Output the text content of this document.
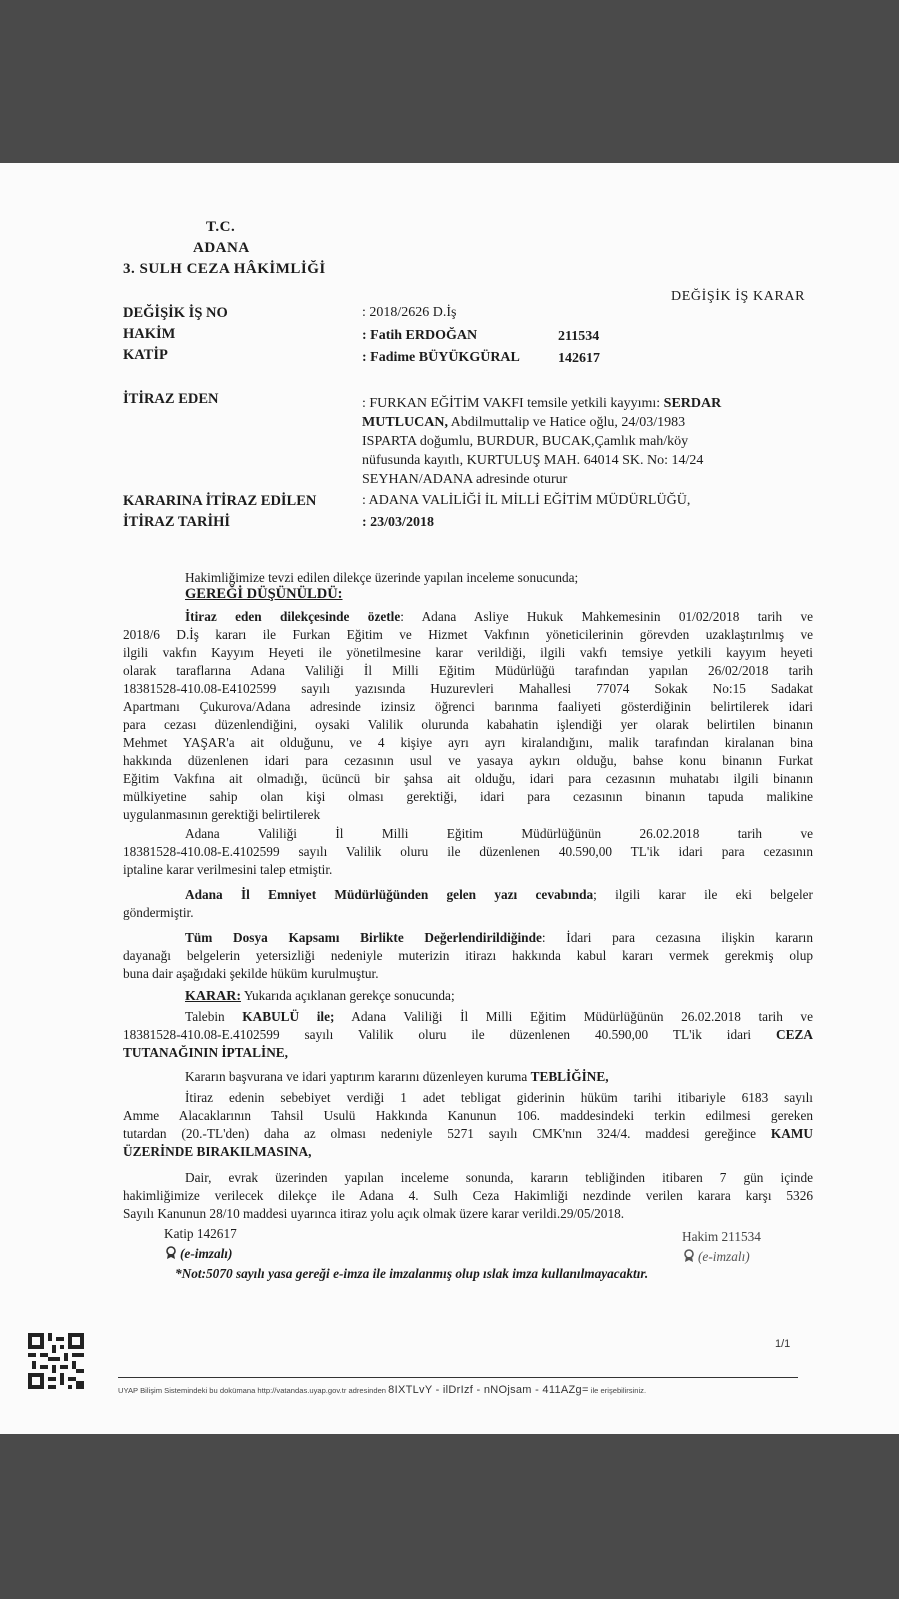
T.C.
ADANA
3. SULH CEZA HÂKİMLİĞİ
DEĞİŞİK İŞ KARAR
DEĞİŞİK İŞ NO	: 2018/2626 D.İş
HAKİM	: Fatih ERDOĞAN	211534
KATİP	: Fadime BÜYÜKGÜRAL	142617
İTİRAZ EDEN	: FURKAN EĞİTİM VAKFI temsile yetkili kayyımı: SERDAR
MUTLUCAN, Abdilmuttalip ve Hatice oğlu, 24/03/1983
ISPARTA doğumlu, BURDUR, BUCAK,Çamlık mah/köy
nüfusunda kayıtlı, KURTULUŞ MAH. 64014 SK. No: 14/24
SEYHAN/ADANA adresinde oturur
KARARINA İTİRAZ EDİLEN	: ADANA VALİLİĞİ İL MİLLİ EĞİTİM MÜDÜRLÜĞÜ,
İTİRAZ TARİHİ	: 23/03/2018
Hakimliğimize tevzi edilen dilekçe üzerinde yapılan inceleme sonucunda;
GEREĞİ DÜŞÜNÜLDÜ:
İtiraz eden dilekçesinde özetle: Adana Asliye Hukuk Mahkemesinin 01/02/2018 tarih ve
2018/6 D.İş kararı ile Furkan Eğitim ve Hizmet Vakfının yöneticilerinin görevden uzaklaştırılmış ve
ilgili vakfın Kayyım Heyeti ile yönetilmesine karar verildiği, ilgili vakfı temsiye yetkili kayyım heyeti
olarak taraflarına Adana Valiliği İl Milli Eğitim Müdürlüğü tarafından yapılan 26/02/2018 tarih
18381528-410.08-E4102599 sayılı yazısında Huzurevleri Mahallesi 77074 Sokak No:15 Sadakat
Apartmanı Çukurova/Adana adresinde izinsiz öğrenci barınma faaliyeti gösterdiğinin belirtilerek idari
para cezası düzenlendiğini, oysaki Valilik olurunda kabahatin işlendiği yer olarak belirtilen binanın
Mehmet YAŞAR'a ait olduğunu, ve 4 kişiye ayrı ayrı kiralandığını, malik tarafından kiralanan bina
hakkında düzenlenen idari para cezasının usul ve yasaya aykırı olduğu, bahse konu binanın Furkat
Eğitim Vakfına ait olmadığı, ücüncü bir şahsa ait olduğu, idari para cezasının muhatabı ilgili binanın
mülkiyetine sahip olan kişi olması gerektiği, idari para cezasının binanın tapuda malikine
uygulanmasının gerektiği belirtilerek
Adana Valiliği İl Milli Eğitim Müdürlüğünün 26.02.2018 tarih ve
18381528-410.08-E.4102599 sayılı Valilik oluru ile düzenlenen 40.590,00 TL'ik idari para cezasının
iptaline karar verilmesini talep etmiştir.
Adana İl Emniyet Müdürlüğünden gelen yazı cevabında; ilgili karar ile eki belgeler
göndermiştir.
Tüm Dosya Kapsamı Birlikte Değerlendirildiğinde: İdari para cezasına ilişkin kararın
dayanağı belgelerin yetersizliği nedeniyle muterizin itirazı hakkında kabul kararı vermek gerekmiş olup
buna dair aşağıdaki şekilde hüküm kurulmuştur.
KARAR: Yukarıda açıklanan gerekçe sonucunda;
Talebin KABULÜ ile; Adana Valiliği İl Milli Eğitim Müdürlüğünün 26.02.2018 tarih ve
18381528-410.08-E.4102599 sayılı Valilik oluru ile düzenlenen 40.590,00 TL'ik idari CEZA
TUTANAĞININ İPTALİNE,
Kararın başvurana ve idari yaptırım kararını düzenleyen kuruma TEBLİĞİNE,
İtiraz edenin sebebiyet verdiği 1 adet tebligat giderinin hüküm tarihi itibariyle 6183 sayılı
Amme Alacaklarının Tahsil Usulü Hakkında Kanunun 106. maddesindeki terkin edilmesi gereken
tutardan (20.-TL'den) daha az olması nedeniyle 5271 sayılı CMK'nın 324/4. maddesi gereğince KAMU
ÜZERİNDE BIRAKILMASINA,
Dair, evrak üzerinden yapılan inceleme sonunda, kararın tebliğinden itibaren 7 gün içinde
hakimliğimize verilecek dilekçe ile Adana 4. Sulh Ceza Hakimliği nezdinde verilen karara karşı 5326
Sayılı Kanunun 28/10 maddesi uyarınca itiraz yolu açık olmak üzere karar verildi.29/05/2018.
Katip 142617	Hakim 211534
(e-imzalı)	(e-imzalı)
*Not:5070 sayılı yasa gereği e-imza ile imzalanmış olup ıslak imza kullanılmayacaktır.
1/1
UYAP Bilişim Sistemindeki bu dokümana http://vatandas.uyap.gov.tr adresinden 8IXTLvY - ilDrIzf - nNOjsam - 411AZg= ile erişebilirsiniz.
